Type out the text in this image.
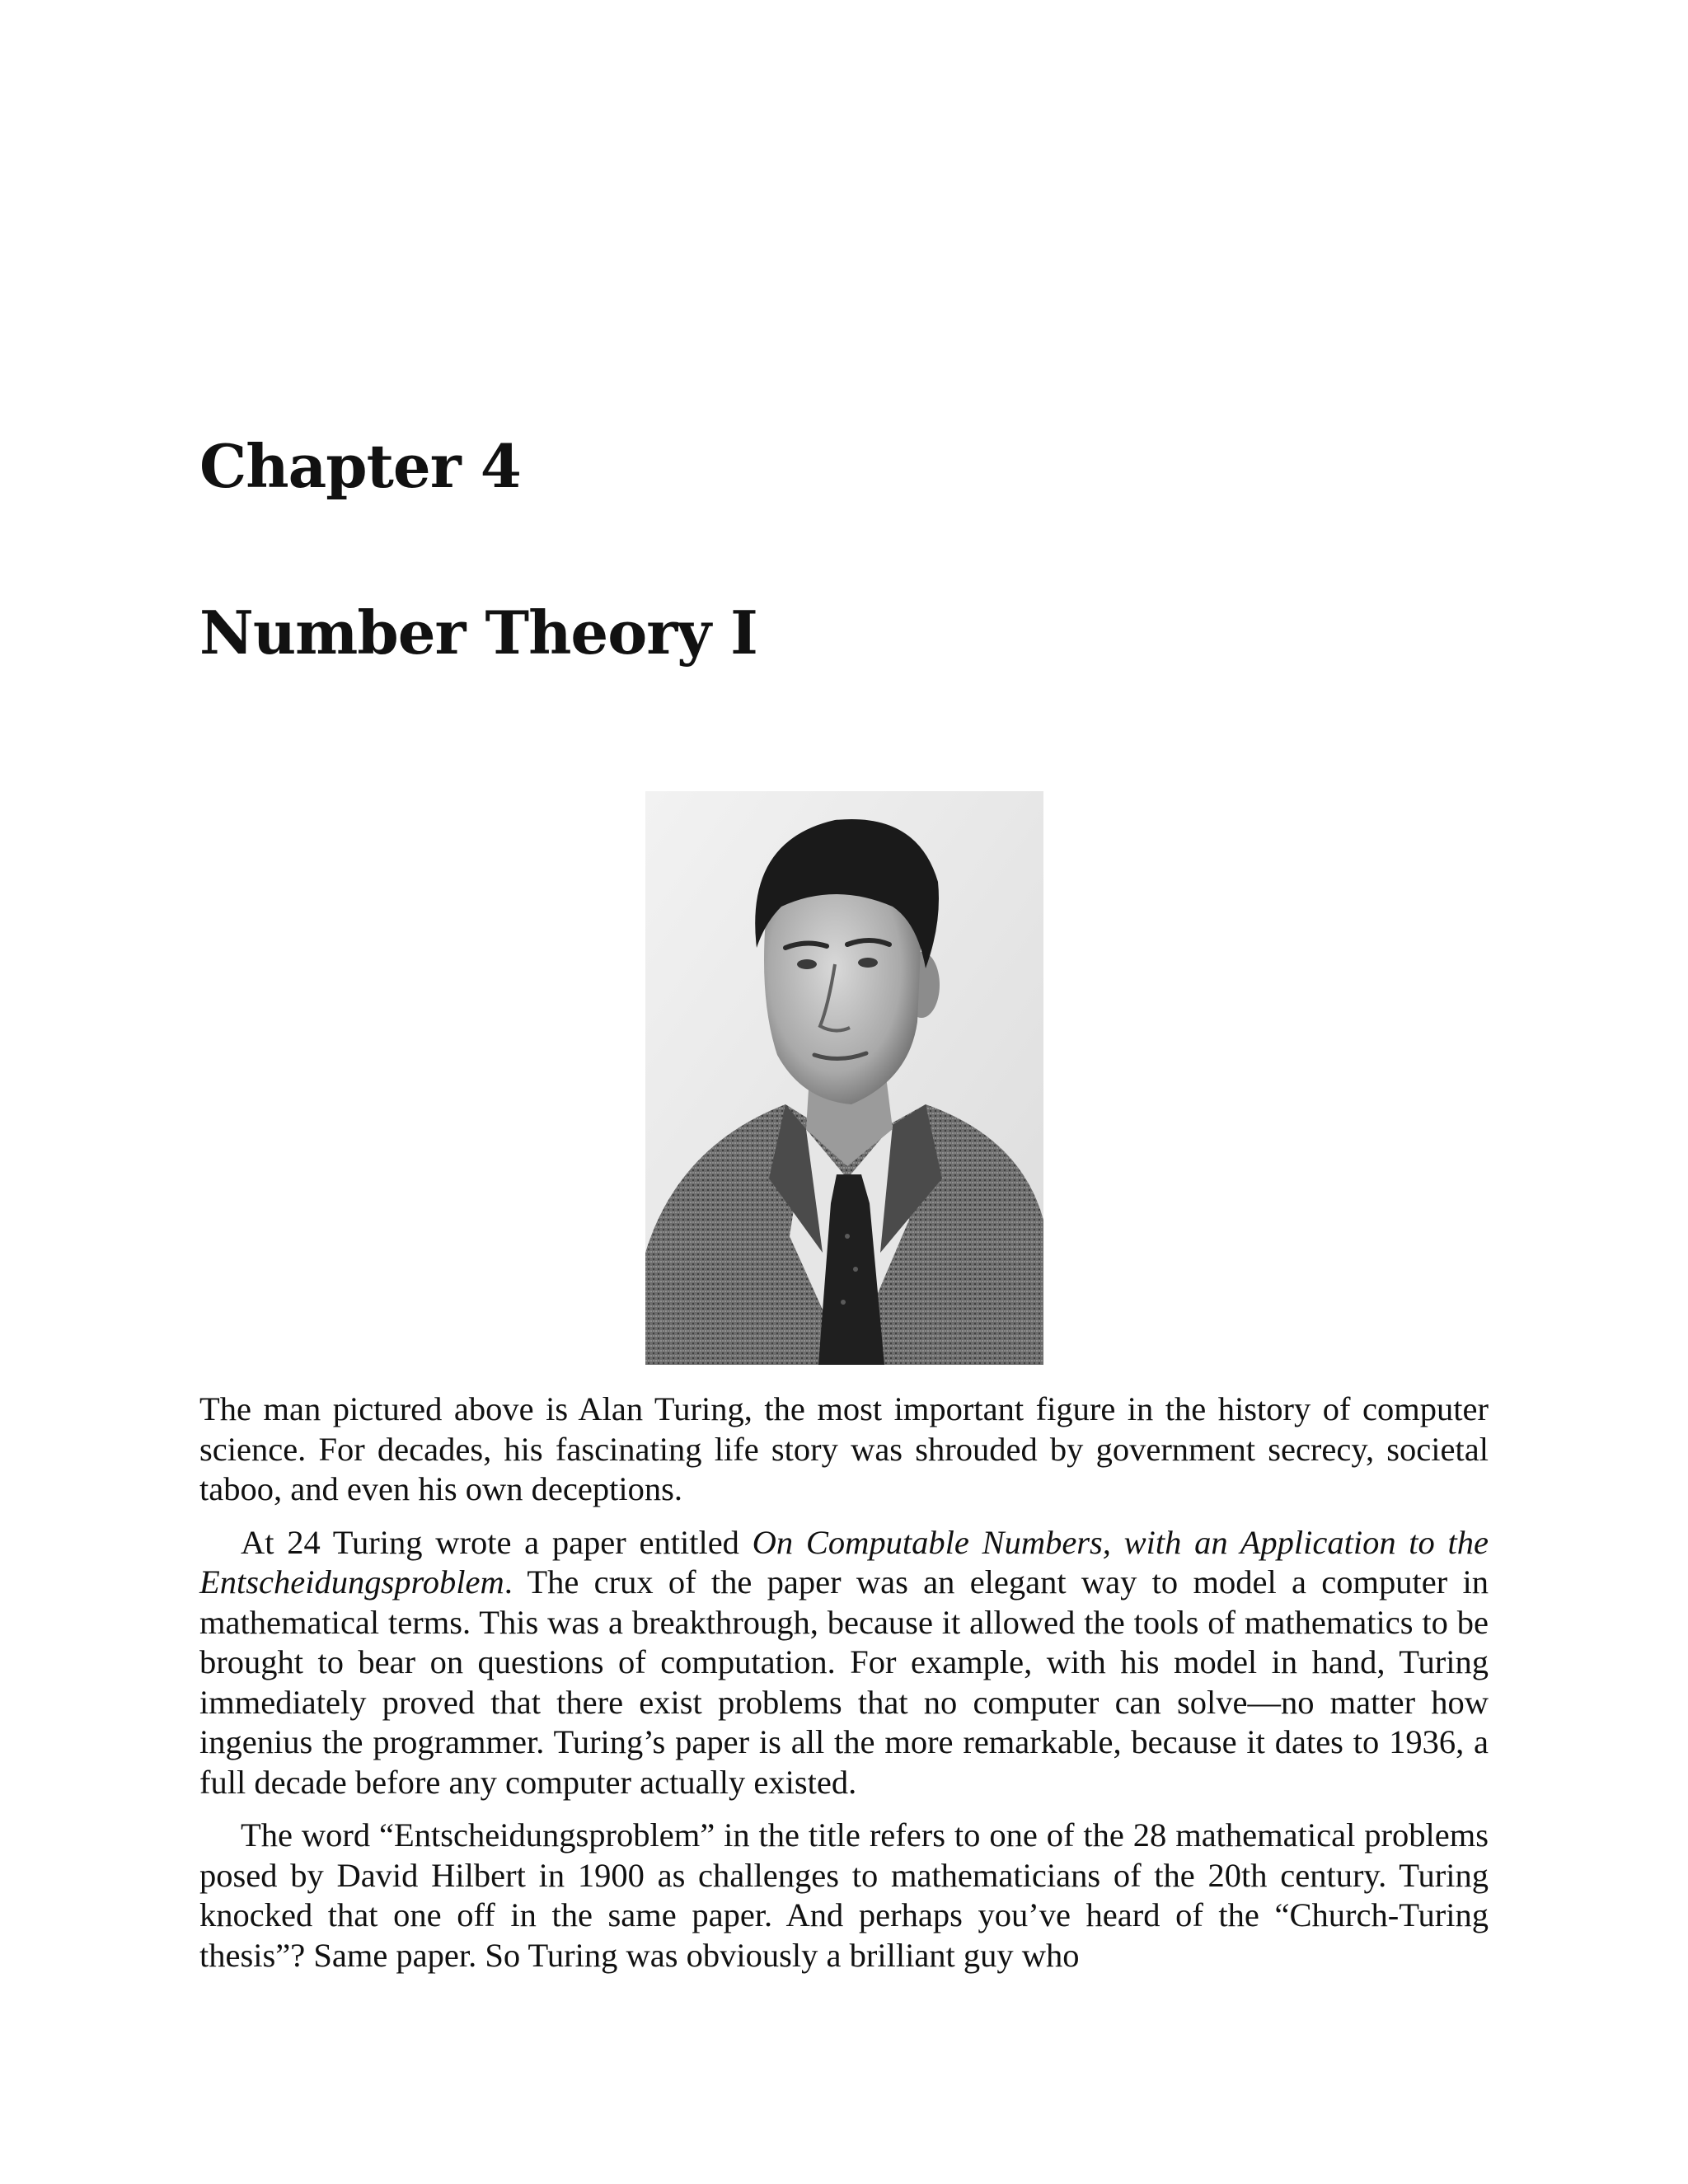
Chapter 4
Number Theory I

The man pictured above is Alan Turing, the most important figure in the history of computer science. For decades, his fascinating life story was shrouded by government secrecy, societal taboo, and even his own deceptions.

At 24 Turing wrote a paper entitled On Computable Numbers, with an Application to the Entscheidungsproblem. The crux of the paper was an elegant way to model a computer in mathematical terms. This was a breakthrough, because it allowed the tools of mathematics to be brought to bear on questions of computation. For example, with his model in hand, Turing immediately proved that there exist problems that no computer can solve—no matter how ingenius the programmer. Turing’s paper is all the more remarkable, because it dates to 1936, a full decade before any computer actually existed.

The word “Entscheidungsproblem” in the title refers to one of the 28 mathematical problems posed by David Hilbert in 1900 as challenges to mathematicians of the 20th century. Turing knocked that one off in the same paper. And perhaps you’ve heard of the “Church-Turing thesis”? Same paper. So Turing was obviously a brilliant guy who
